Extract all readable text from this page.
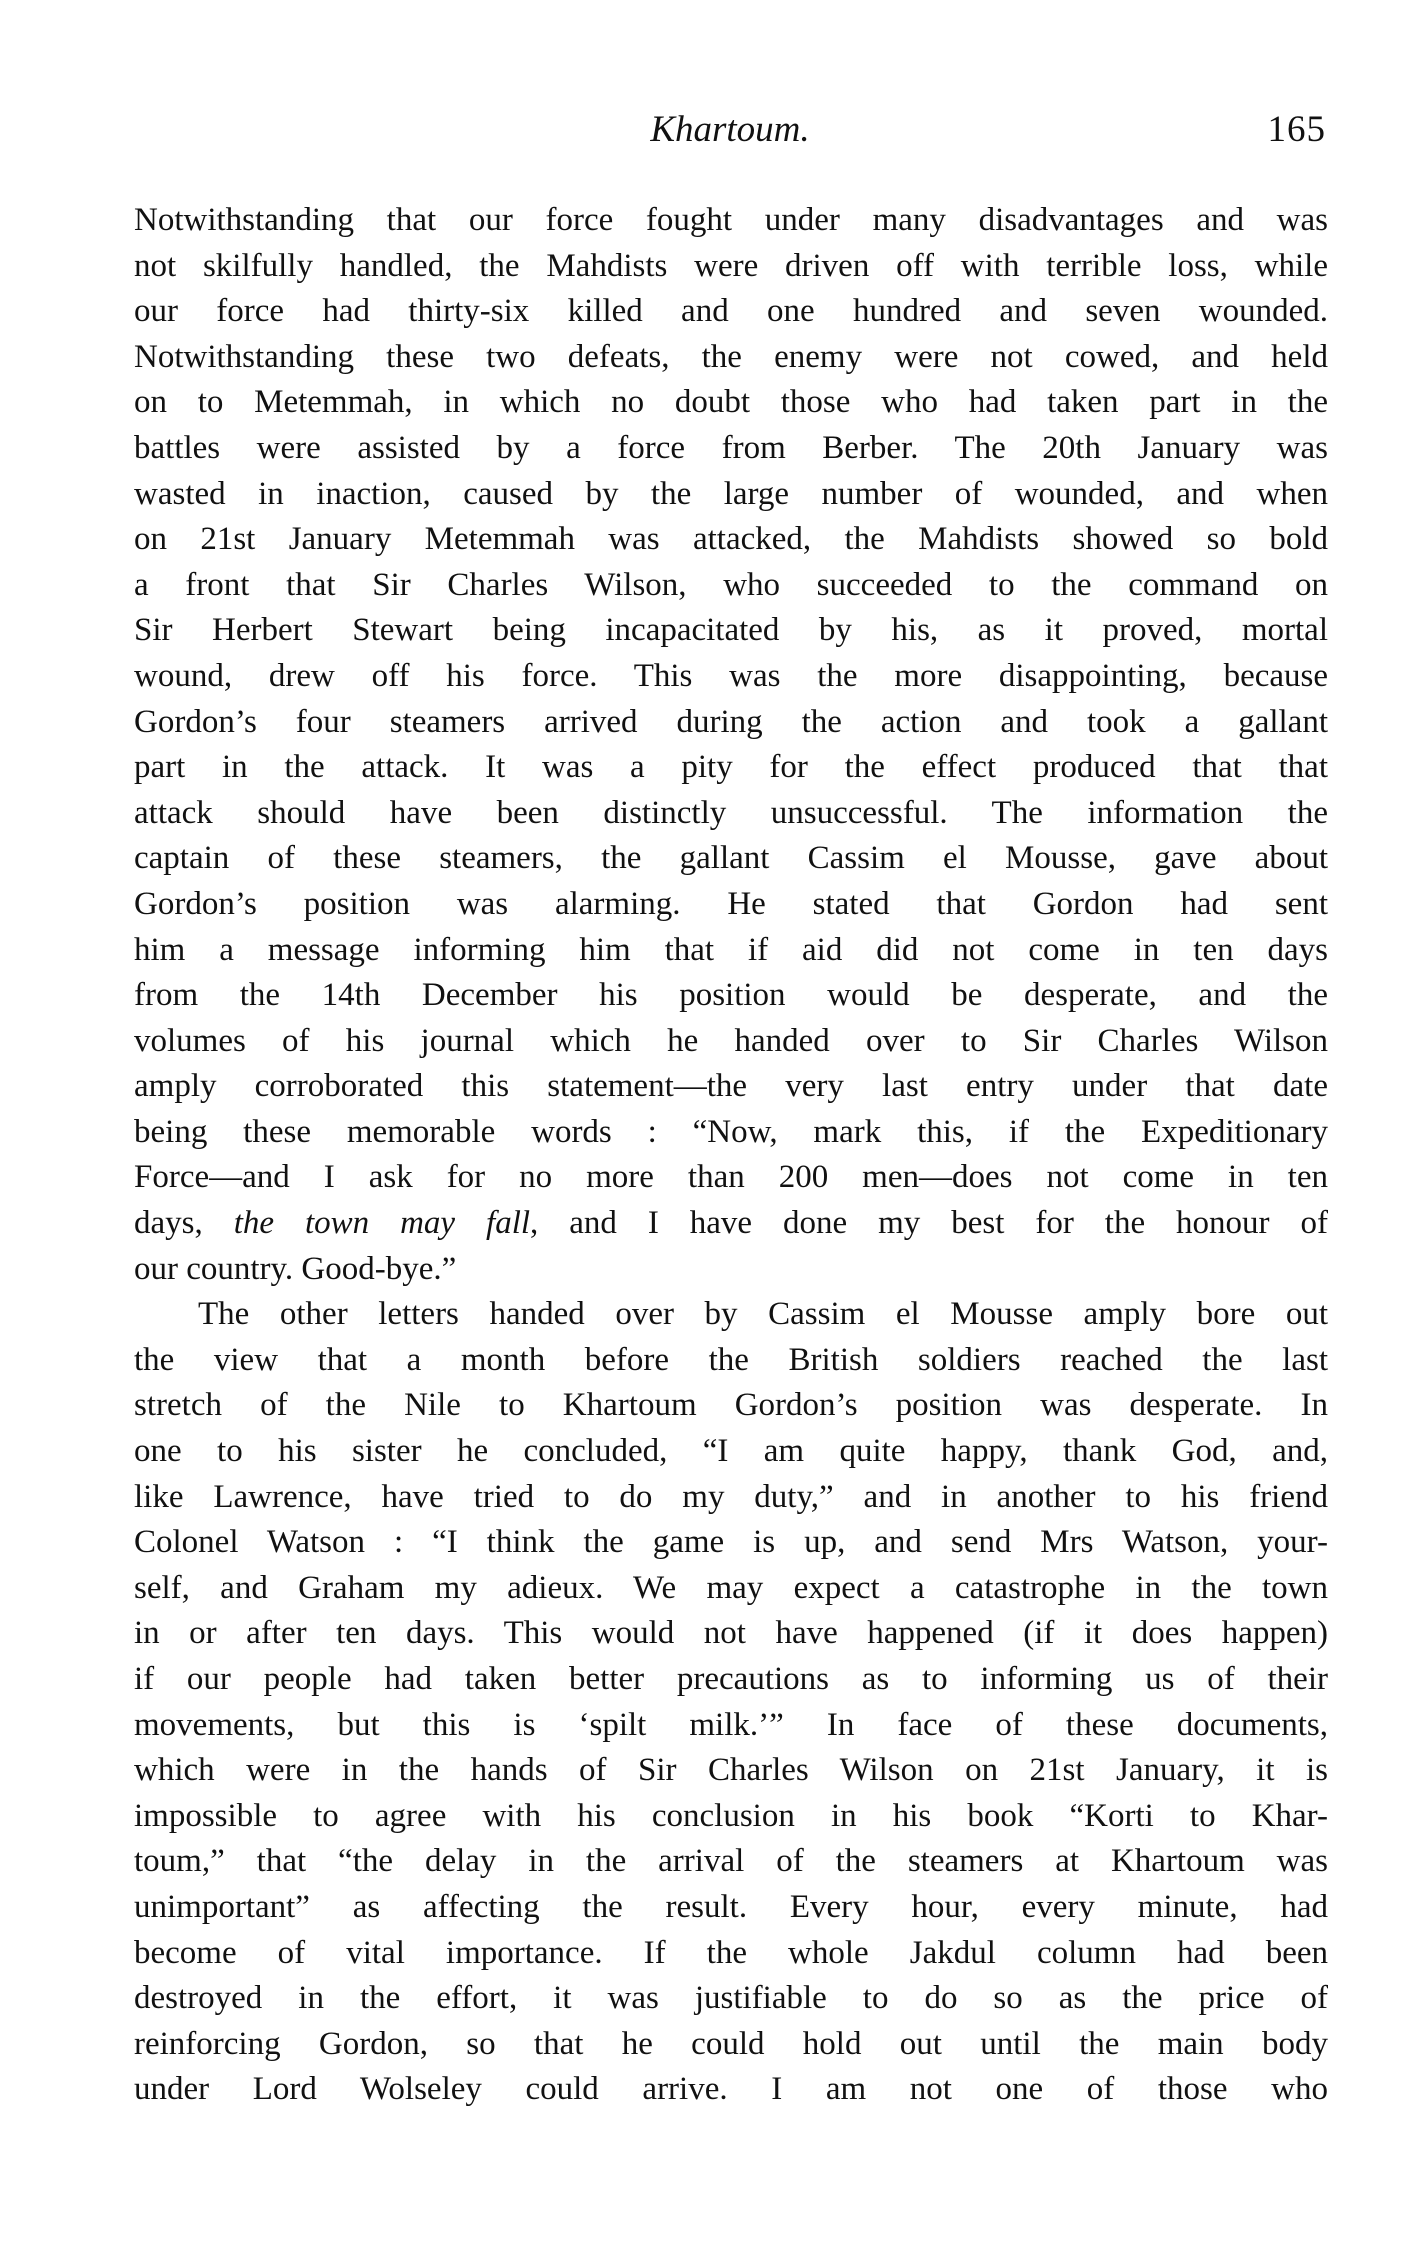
Khartoum.	165
Notwithstanding that our force fought under many disadvantages and was
not skilfully handled, the Mahdists were driven off with terrible loss, while
our force had thirty-six killed and one hundred and seven wounded.
Notwithstanding these two defeats, the enemy were not cowed, and held
on to Metemmah, in which no doubt those who had taken part in the
battles were assisted by a force from Berber. The 20th January was
wasted in inaction, caused by the large number of wounded, and when
on 21st January Metemmah was attacked, the Mahdists showed so bold
a front that Sir Charles Wilson, who succeeded to the command on
Sir Herbert Stewart being incapacitated by his, as it proved, mortal
wound, drew off his force. This was the more disappointing, because
Gordon’s four steamers arrived during the action and took a gallant
part in the attack. It was a pity for the effect produced that that
attack should have been distinctly unsuccessful. The information the
captain of these steamers, the gallant Cassim el Mousse, gave about
Gordon’s position was alarming. He stated that Gordon had sent
him a message informing him that if aid did not come in ten days
from the 14th December his position would be desperate, and the
volumes of his journal which he handed over to Sir Charles Wilson
amply corroborated this statement—the very last entry under that date
being these memorable words : “Now, mark this, if the Expeditionary
Force—and I ask for no more than 200 men—does not come in ten
days, the town may fall, and I have done my best for the honour of
our country. Good-bye.”
The other letters handed over by Cassim el Mousse amply bore out
the view that a month before the British soldiers reached the last
stretch of the Nile to Khartoum Gordon’s position was desperate. In
one to his sister he concluded, “I am quite happy, thank God, and,
like Lawrence, have tried to do my duty,” and in another to his friend
Colonel Watson : “I think the game is up, and send Mrs Watson, your-
self, and Graham my adieux. We may expect a catastrophe in the town
in or after ten days. This would not have happened (if it does happen)
if our people had taken better precautions as to informing us of their
movements, but this is ‘spilt milk.’” In face of these documents,
which were in the hands of Sir Charles Wilson on 21st January, it is
impossible to agree with his conclusion in his book “Korti to Khar-
toum,” that “the delay in the arrival of the steamers at Khartoum was
unimportant” as affecting the result. Every hour, every minute, had
become of vital importance. If the whole Jakdul column had been
destroyed in the effort, it was justifiable to do so as the price of
reinforcing Gordon, so that he could hold out until the main body
under Lord Wolseley could arrive. I am not one of those who
